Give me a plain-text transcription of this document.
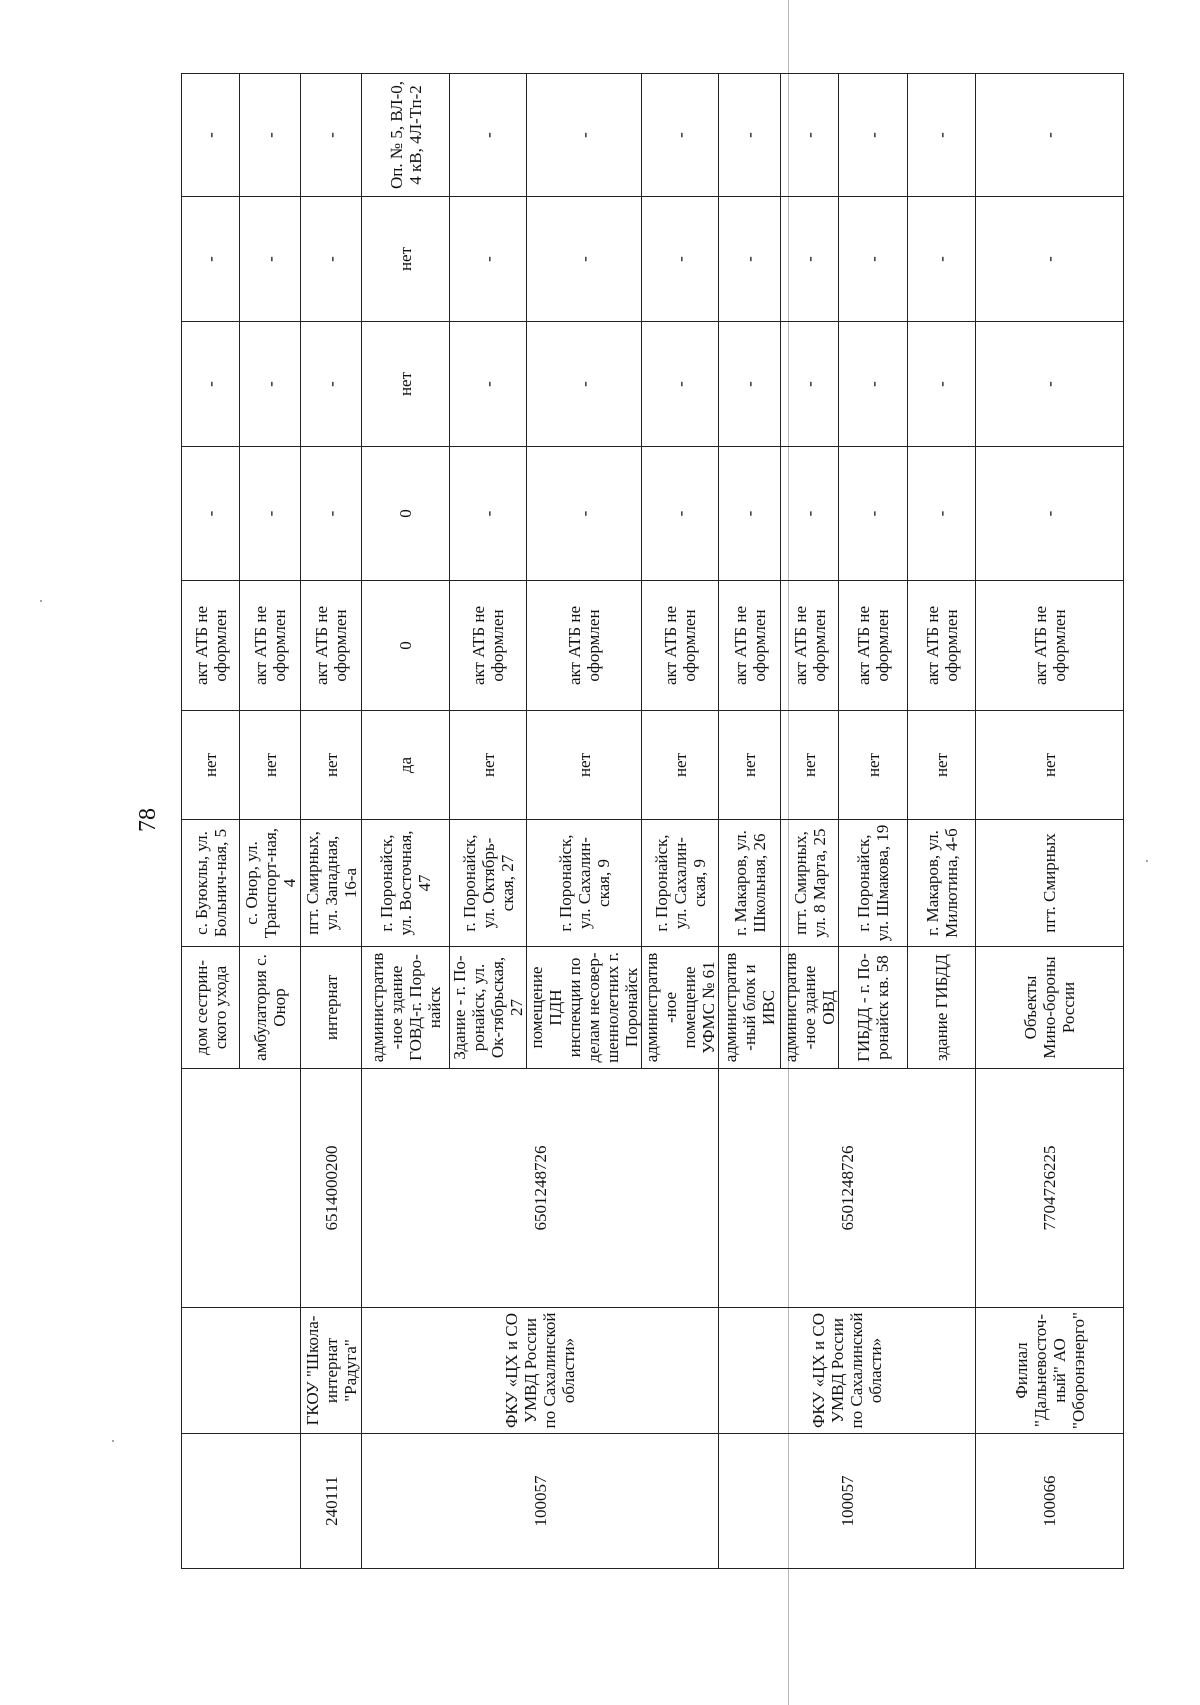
78
			дом сестрин-ского ухода	с. Буюклы, ул. Больнич-ная, 5	нет	акт АТБ не оформлен	-	-	-	-
			амбулатория с. Онор	с. Онор, ул. Транспорт-ная, 4	нет	акт АТБ не оформлен	-	-	-	-
240111	ГКОУ "Школа-интернат "Радуга"	6514000200	интернат	пгт. Смирных, ул. Западная, 16-а	нет	акт АТБ не оформлен	-	-	-	-
100057	ФКУ «ЦХ и СО УМВД России по Сахалинской области»	6501248726	административ-ное здание ГОВД-г. Поро-найск	г. Поронайск, ул. Восточная, 47	да	0	0	нет	нет	Оп. № 5, ВЛ-0, 4 кВ, 4Л-Тп-2
			Здание - г. По-ронайск, ул. Ок-тябрьская, 27	г. Поронайск, ул. Октябрь-ская, 27	нет	акт АТБ не оформлен	-	-	-	-
			помещение ПДН инспекции по делам несовер-шеннолетних г. Поронайск	г. Поронайск, ул. Сахалин-ская, 9	нет	акт АТБ не оформлен	-	-	-	-
			административ-ное помещение УФМС № 61	г. Поронайск, ул. Сахалин-ская, 9	нет	акт АТБ не оформлен	-	-	-	-
100057	ФКУ «ЦХ и СО УМВД России по Сахалинской области»	6501248726	административ-ный блок и ИВС	г. Макаров, ул. Школьная, 26	нет	акт АТБ не оформлен	-	-	-	-
			административ-ное здание ОВД	пгт. Смирных, ул. 8 Марта, 25	нет	акт АТБ не оформлен	-	-	-	-
			ГИБДД - г. По-ронайск кв. 58	г. Поронайск, ул. Шмакова, 19	нет	акт АТБ не оформлен	-	-	-	-
			здание ГИБДД	г. Макаров, ул. Милютина, 4-б	нет	акт АТБ не оформлен	-	-	-	-
100066	Филиал "Дальневосточ-ный" АО "Оборонэнерго"	7704726225	Объекты Мино-бороны России	пгт. Смирных	нет	акт АТБ не оформлен	-	-	-	-
